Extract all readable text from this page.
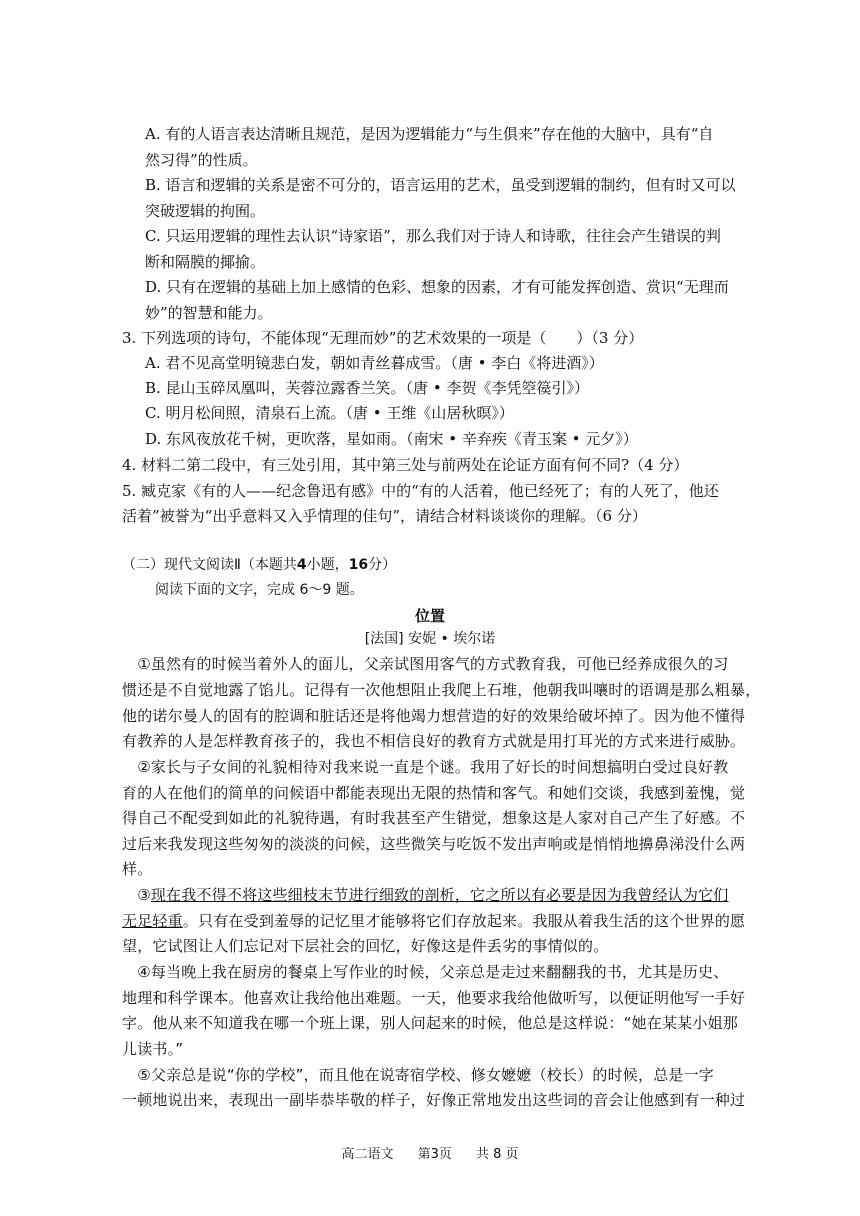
A. 有的人语言表达清晰且规范，是因为逻辑能力“与生俱来”存在他的大脑中，具有“自
然习得”的性质。
B. 语言和逻辑的关系是密不可分的，语言运用的艺术，虽受到逻辑的制约，但有时又可以
突破逻辑的拘囿。
C. 只运用逻辑的理性去认识“诗家语”，那么我们对于诗人和诗歌，往往会产生错误的判
断和隔膜的揶揄。
D. 只有在逻辑的基础上加上感情的色彩、想象的因素，才有可能发挥创造、赏识“无理而
妙”的智慧和能力。
3. 下列选项的诗句，不能体现“无理而妙”的艺术效果的一项是（　　）（3 分）
A. 君不见高堂明镜悲白发，朝如青丝暮成雪。（唐 • 李白《将进酒》）
B. 昆山玉碎凤凰叫，芙蓉泣露香兰笑。（唐 • 李贺《李凭箜篌引》）
C. 明月松间照，清泉石上流。（唐 • 王维《山居秋暝》）
D. 东风夜放花千树，更吹落，星如雨。（南宋 • 辛弃疾《青玉案 • 元夕》）
4. 材料二第二段中，有三处引用，其中第三处与前两处在论证方面有何不同?（4 分）
5. 臧克家《有的人——纪念鲁迅有感》中的“有的人活着，他已经死了；有的人死了，他还
活着”被誉为“出乎意料又入乎情理的佳句”，请结合材料谈谈你的理解。（6 分）
（二）现代文阅读Ⅱ（本题共4小题，16分）
阅读下面的文字，完成 6～9 题。
位置
[法国] 安妮 • 埃尔诺
　①虽然有的时候当着外人的面儿，父亲试图用客气的方式教育我，可他已经养成很久的习
惯还是不自觉地露了馅儿。记得有一次他想阻止我爬上石堆，他朝我叫嚷时的语调是那么粗暴，
他的诺尔曼人的固有的腔调和脏话还是将他竭力想营造的好的效果给破坏掉了。因为他不懂得
有教养的人是怎样教育孩子的，我也不相信良好的教育方式就是用打耳光的方式来进行威胁。
　②家长与子女间的礼貌相待对我来说一直是个谜。我用了好长的时间想搞明白受过良好教
育的人在他们的简单的问候语中都能表现出无限的热情和客气。和她们交谈，我感到羞愧，觉
得自己不配受到如此的礼貌待遇，有时我甚至产生错觉，想象这是人家对自己产生了好感。不
过后来我发现这些匆匆的淡淡的问候，这些微笑与吃饭不发出声响或是悄悄地擤鼻涕没什么两
样。
　③现在我不得不将这些细枝末节进行细致的剖析，它之所以有必要是因为我曾经认为它们
无足轻重。只有在受到羞辱的记忆里才能够将它们存放起来。我服从着我生活的这个世界的愿
望，它试图让人们忘记对下层社会的回忆，好像这是件丢劣的事情似的。
　④每当晚上我在厨房的餐桌上写作业的时候，父亲总是走过来翻翻我的书，尤其是历史、
地理和科学课本。他喜欢让我给他出难题。一天，他要求我给他做听写，以便证明他写一手好
字。他从来不知道我在哪一个班上课，别人问起来的时候，他总是这样说：“她在某某小姐那
儿读书。”
　⑤父亲总是说“你的学校”，而且他在说寄宿学校、修女嬷嬷（校长）的时候，总是一字
一顿地说出来，表现出一副毕恭毕敬的样子，好像正常地发出这些词的音会让他感到有一种过
高二语文 第3页 共 8 页
